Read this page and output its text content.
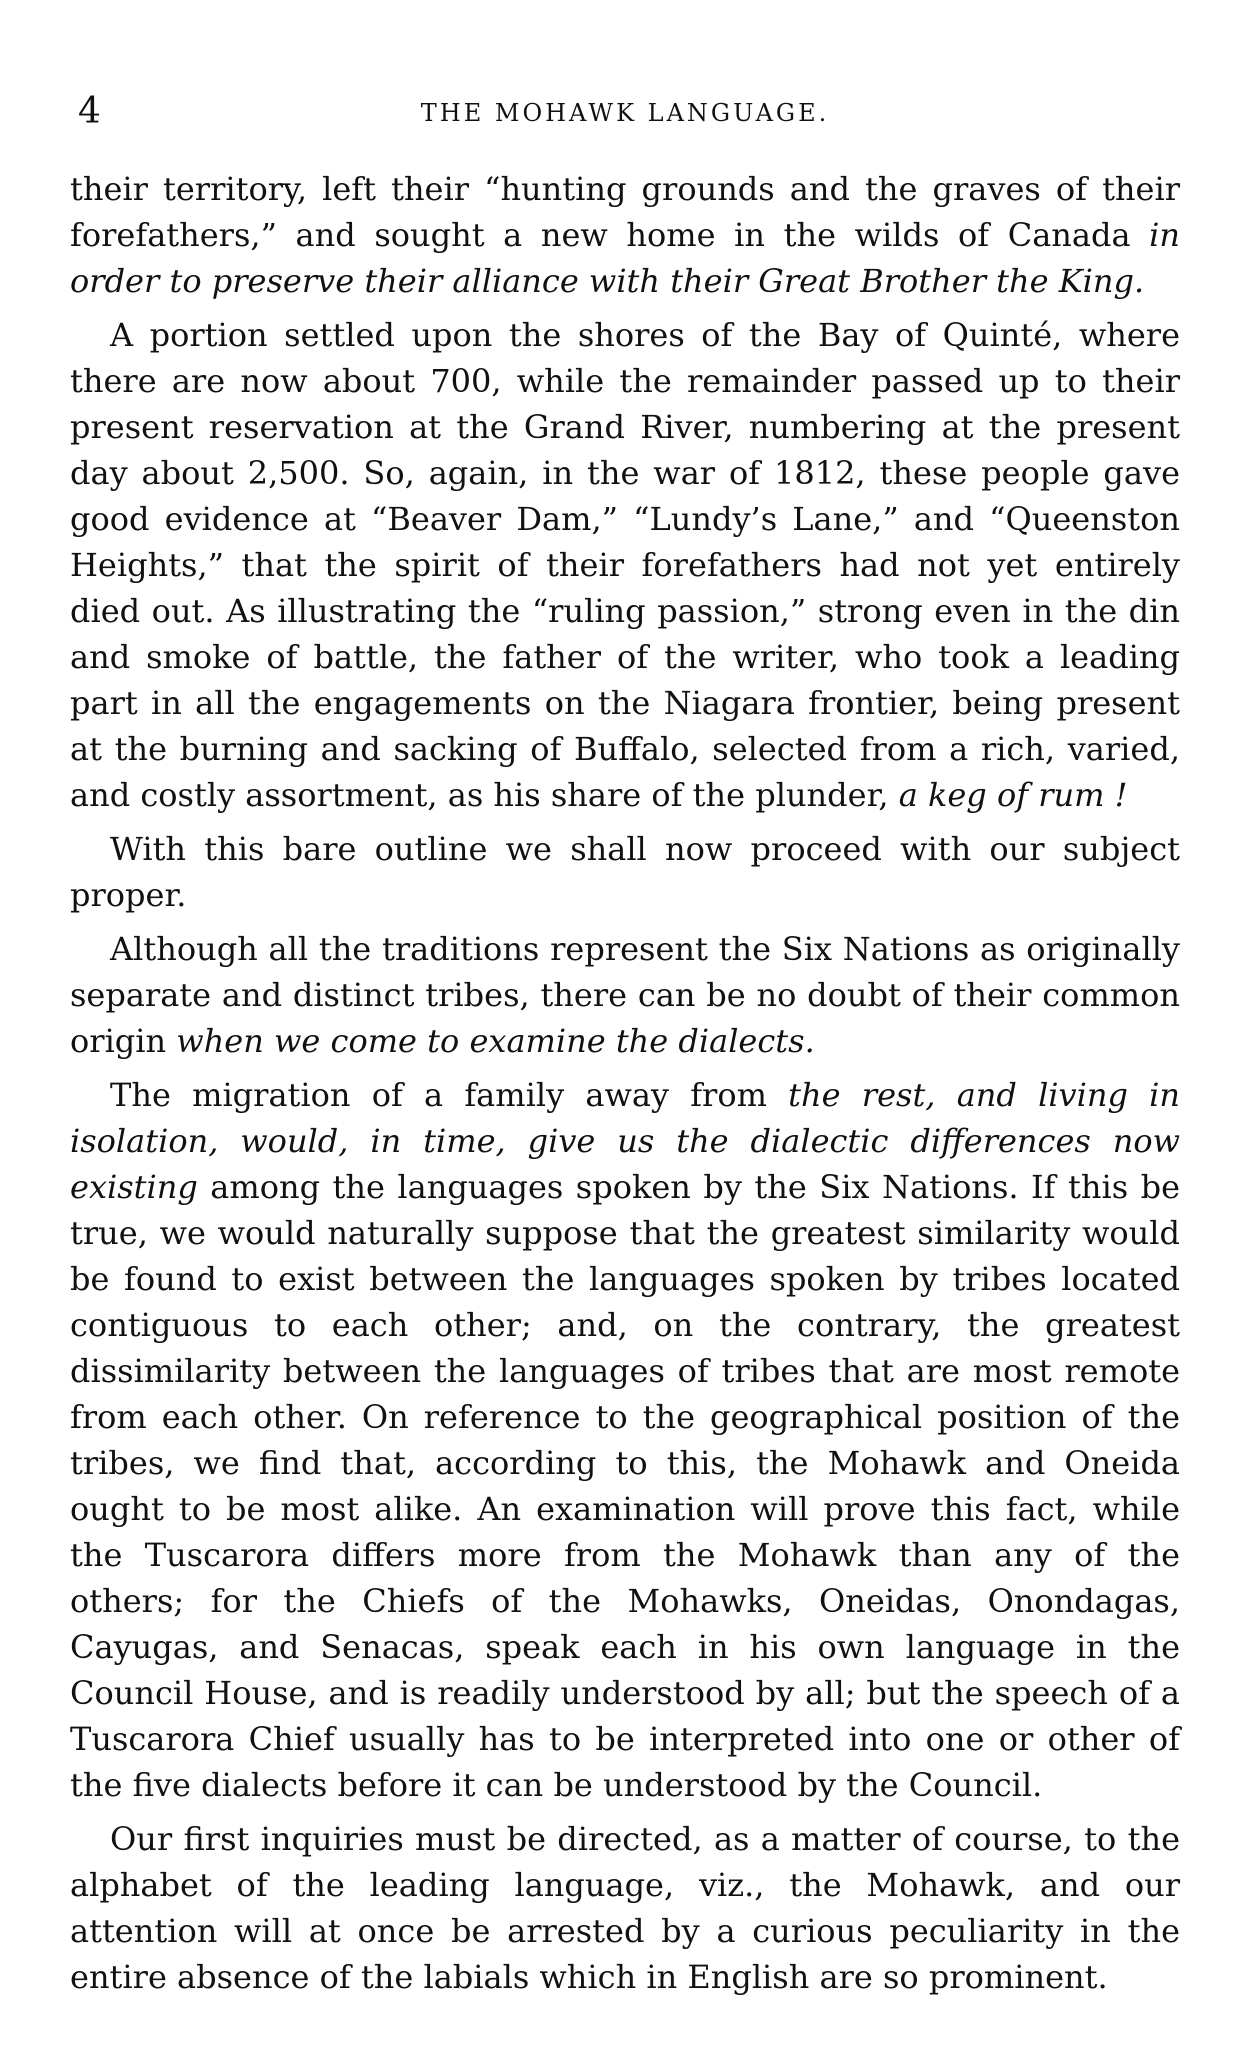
4	THE MOHAWK LANGUAGE.

their territory, left their “hunting grounds and the graves of their forefathers,” and sought a new home in the wilds of Canada in order to preserve their alliance with their Great Brother the King.

A portion settled upon the shores of the Bay of Quinté, where there are now about 700, while the remainder passed up to their present reservation at the Grand River, numbering at the present day about 2,500. So, again, in the war of 1812, these people gave good evidence at “Beaver Dam,” “Lundy’s Lane,” and “Queenston Heights,” that the spirit of their forefathers had not yet entirely died out. As illustrating the “ruling passion,” strong even in the din and smoke of battle, the father of the writer, who took a leading part in all the engagements on the Niagara frontier, being present at the burning and sacking of Buffalo, selected from a rich, varied, and costly assortment, as his share of the plunder, a keg of rum !

With this bare outline we shall now proceed with our subject proper.

Although all the traditions represent the Six Nations as originally separate and distinct tribes, there can be no doubt of their common origin when we come to examine the dialects.

The migration of a family away from the rest, and living in isolation, would, in time, give us the dialectic differences now existing among the languages spoken by the Six Nations. If this be true, we would naturally suppose that the greatest similarity would be found to exist between the languages spoken by tribes located contiguous to each other; and, on the contrary, the greatest dissimilarity between the languages of tribes that are most remote from each other. On reference to the geographical position of the tribes, we find that, according to this, the Mohawk and Oneida ought to be most alike. An examination will prove this fact, while the Tuscarora differs more from the Mohawk than any of the others; for the Chiefs of the Mohawks, Oneidas, Onondagas, Cayugas, and Senacas, speak each in his own language in the Council House, and is readily understood by all; but the speech of a Tuscarora Chief usually has to be interpreted into one or other of the five dialects before it can be understood by the Council.

Our first inquiries must be directed, as a matter of course, to the alphabet of the leading language, viz., the Mohawk, and our attention will at once be arrested by a curious peculiarity in the entire absence of the labials which in English are so prominent.
